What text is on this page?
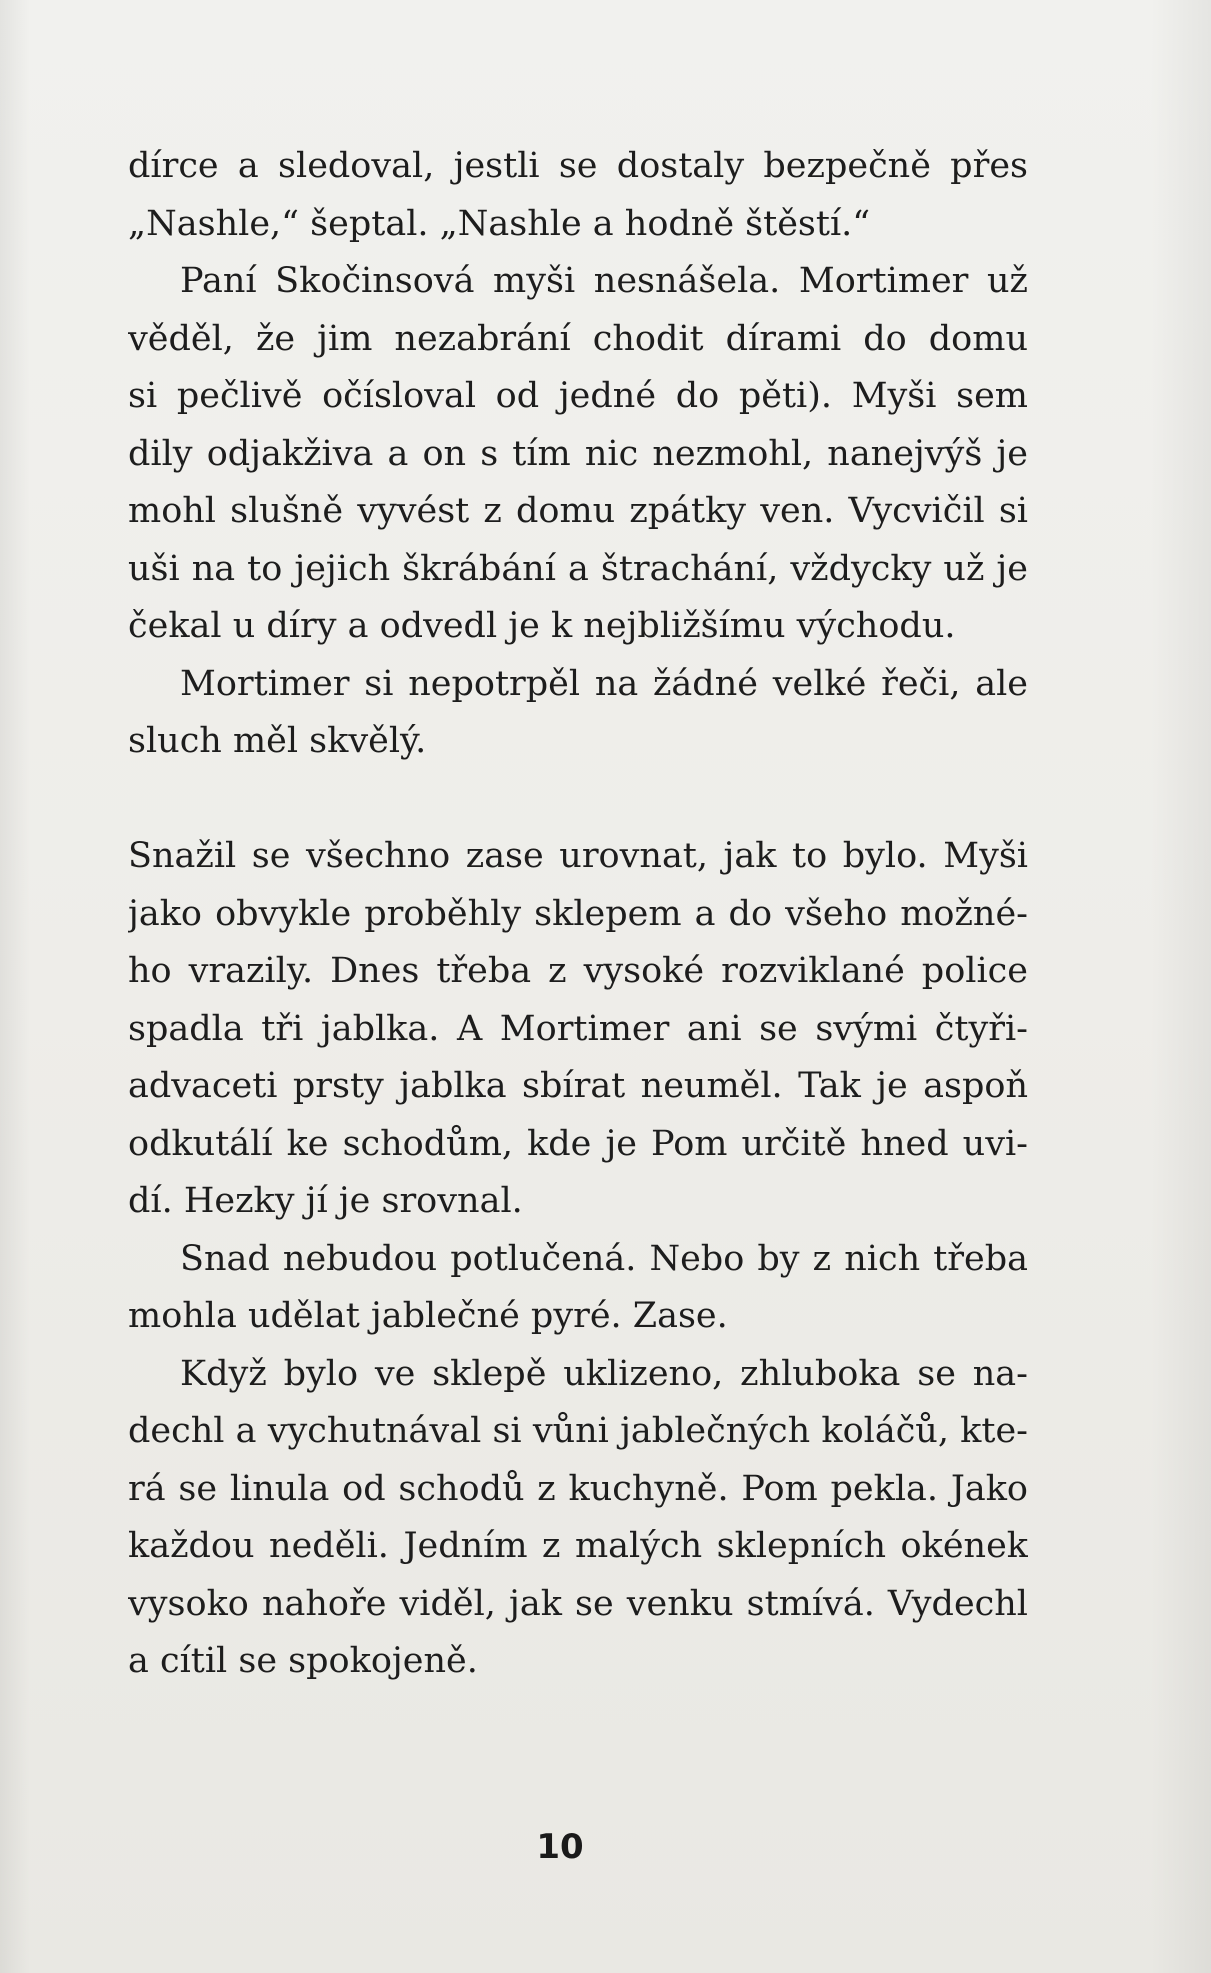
dírce a sledoval, jestli se dostaly bezpečně přes
„Nashle,“ šeptal. „Nashle a hodně štěstí.“
Paní Skočinsová myši nesnášela. Mortimer už
věděl, že jim nezabrání chodit dírami do domu
si pečlivě očísloval od jedné do pěti). Myši sem
dily odjakživa a on s tím nic nezmohl, nanejvýš je
mohl slušně vyvést z domu zpátky ven. Vycvičil si
uši na to jejich škrábání a štrachání, vždycky už je
čekal u díry a odvedl je k nejbližšímu východu.
Mortimer si nepotrpěl na žádné velké řeči, ale
sluch měl skvělý.
Snažil se všechno zase urovnat, jak to bylo. Myši
jako obvykle proběhly sklepem a do všeho možné-
ho vrazily. Dnes třeba z vysoké rozviklané police
spadla tři jablka. A Mortimer ani se svými čtyři-
advaceti prsty jablka sbírat neuměl. Tak je aspoň
odkutálí ke schodům, kde je Pom určitě hned uvi-
dí. Hezky jí je srovnal.
Snad nebudou potlučená. Nebo by z nich třeba
mohla udělat jablečné pyré. Zase.
Když bylo ve sklepě uklizeno, zhluboka se na-
dechl a vychutnával si vůni jablečných koláčů, kte-
rá se linula od schodů z kuchyně. Pom pekla. Jako
každou neděli. Jedním z malých sklepních okének
vysoko nahoře viděl, jak se venku stmívá. Vydechl
a cítil se spokojeně.
10
